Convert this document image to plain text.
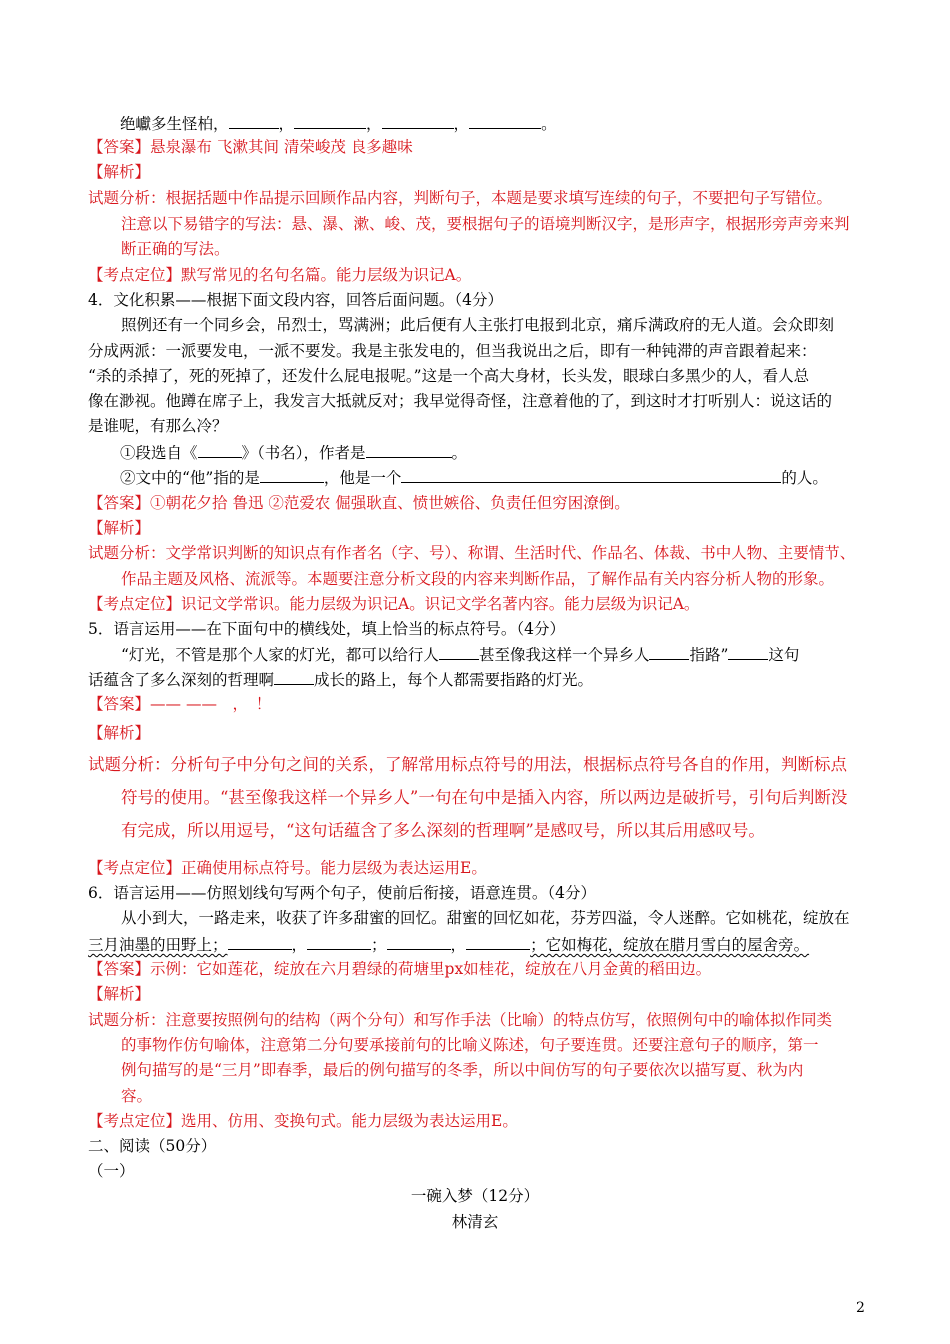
绝巘多生怪柏，	，	，	，	。
【答案】悬泉瀑布 飞漱其间 清荣峻茂 良多趣味
【解析】
试题分析：根据括题中作品提示回顾作品内容，判断句子，本题是要求填写连续的句子，不要把句子写错位。
注意以下易错字的写法：悬、瀑、漱、峻、茂，要根据句子的语境判断汉字，是形声字，根据形旁声旁来判
断正确的写法。
【考点定位】默写常见的名句名篇。能力层级为识记A。
4．文化积累——根据下面文段内容，回答后面问题。（4分）
照例还有一个同乡会，吊烈士，骂满洲；此后便有人主张打电报到北京，痛斥满政府的无人道。会众即刻
分成两派：一派要发电，一派不要发。我是主张发电的，但当我说出之后，即有一种钝滞的声音跟着起来：
“杀的杀掉了，死的死掉了，还发什么屁电报呢。”这是一个高大身材，长头发，眼球白多黑少的人，看人总
像在渺视。他蹲在席子上，我发言大抵就反对；我早觉得奇怪，注意着他的了，到这时才打听别人：说这话的
是谁呢，有那么冷？
①段选自《	》（书名），作者是	。
②文中的“他”指的是	，他是一个	的人。
【答案】①朝花夕拾 鲁迅 ②范爱农 倔强耿直、愤世嫉俗、负责任但穷困潦倒。
【解析】
试题分析：文学常识判断的知识点有作者名（字、号）、称谓、生活时代、作品名、体裁、书中人物、主要情节、
作品主题及风格、流派等。本题要注意分析文段的内容来判断作品，了解作品有关内容分析人物的形象。
【考点定位】识记文学常识。能力层级为识记A。识记文学名著内容。能力层级为识记A。
5．语言运用——在下面句中的横线处，填上恰当的标点符号。（4分）
“灯光，不管是那个人家的灯光，都可以给行人	甚至像我这样一个异乡人	指路”	这句
话蕴含了多么深刻的哲理啊	成长的路上，每个人都需要指路的灯光。
【答案】—— ——　，　！
【解析】
试题分析：分析句子中分句之间的关系，了解常用标点符号的用法，根据标点符号各自的作用，判断标点
符号的使用。“甚至像我这样一个异乡人”一句在句中是插入内容，所以两边是破折号，引句后判断没
有完成，所以用逗号，“这句话蕴含了多么深刻的哲理啊”是感叹号，所以其后用感叹号。
【考点定位】正确使用标点符号。能力层级为表达运用E。
6．语言运用——仿照划线句写两个句子，使前后衔接，语意连贯。（4分）
从小到大，一路走来，收获了许多甜蜜的回忆。甜蜜的回忆如花，芬芳四溢，令人迷醉。它如桃花，绽放在
三月油墨的田野上；	，	；	，	；它如梅花，绽放在腊月雪白的屋舍旁。
【答案】示例：它如莲花，绽放在六月碧绿的荷塘里px如桂花，绽放在八月金黄的稻田边。
【解析】
试题分析：注意要按照例句的结构（两个分句）和写作手法（比喻）的特点仿写，依照例句中的喻体拟作同类
的事物作仿句喻体，注意第二分句要承接前句的比喻义陈述，句子要连贯。还要注意句子的顺序，第一
例句描写的是“三月”即春季，最后的例句描写的冬季，所以中间仿写的句子要依次以描写夏、秋为内
容。
【考点定位】选用、仿用、变换句式。能力层级为表达运用E。
二、阅读（50分）
（一）
一碗入梦（12分）
林清玄
2
